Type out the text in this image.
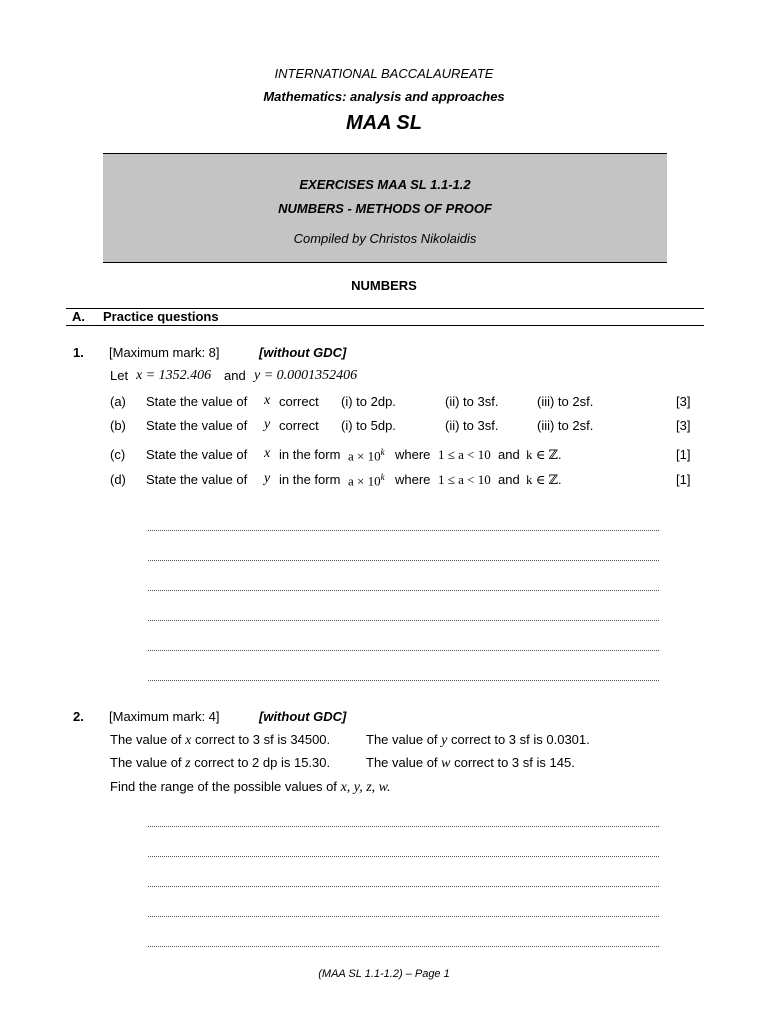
INTERNATIONAL BACCALAUREATE
Mathematics: analysis and approaches
MAA SL
EXERCISES MAA SL 1.1-1.2
NUMBERS - METHODS OF PROOF
Compiled by Christos Nikolaidis
NUMBERS
A. Practice questions
1. [Maximum mark: 8]	[without GDC]
Let x = 1352.406 and y = 0.0001352406
(a) State the value of x correct (i) to 2dp.	(ii) to 3sf.	(iii) to 2sf.	[3]
(b) State the value of y correct (i) to 5dp.	(ii) to 3sf.	(iii) to 2sf.	[3]
(c) State the value of x in the form $a \times 10^k$ where 1 ≤ a < 10 and k ∈ ℤ.	[1]
(d) State the value of y in the form $a \times 10^k$ where 1 ≤ a < 10 and k ∈ ℤ.	[1]
2. [Maximum mark: 4]	[without GDC]
The value of x correct to 3 sf is 34500.	The value of y correct to 3 sf is 0.0301.
The value of z correct to 2 dp is 15.30.	The value of w correct to 3 sf is 145.
Find the range of the possible values of x, y, z, w.
(MAA SL 1.1-1.2) – Page 1
